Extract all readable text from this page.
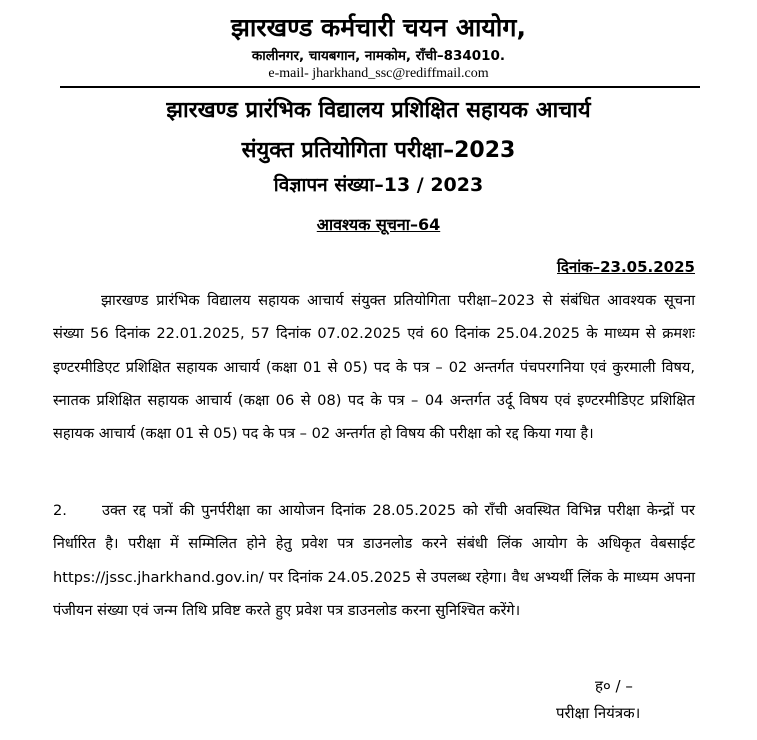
झारखण्ड कर्मचारी चयन आयोग,
कालीनगर, चायबगान, नामकोम, राँची–834010.
e-mail- jharkhand_ssc@rediffmail.com
झारखण्ड प्रारंभिक विद्यालय प्रशिक्षित सहायक आचार्य
संयुक्त प्रतियोगिता परीक्षा–2023
विज्ञापन संख्या–13 / 2023
आवश्यक सूचना–64
दिनांक–23.05.2025
झारखण्ड प्रारंभिक विद्यालय सहायक आचार्य संयुक्त प्रतियोगिता परीक्षा–2023 से संबंधित आवश्यक सूचना संख्या 56 दिनांक 22.01.2025, 57 दिनांक 07.02.2025 एवं 60 दिनांक 25.04.2025 के माध्यम से क्रमशः इण्टरमीडिएट प्रशिक्षित सहायक आचार्य (कक्षा 01 से 05) पद के पत्र – 02 अन्तर्गत पंचपरगनिया एवं कुरमाली विषय, स्नातक प्रशिक्षित सहायक आचार्य (कक्षा 06 से 08) पद के पत्र – 04 अन्तर्गत उर्दू विषय एवं इण्टरमीडिएट प्रशिक्षित सहायक आचार्य (कक्षा 01 से 05) पद के पत्र – 02 अन्तर्गत हो विषय की परीक्षा को रद्द किया गया है।
2. उक्त रद्द पत्रों की पुनर्परीक्षा का आयोजन दिनांक 28.05.2025 को राँची अवस्थित विभिन्न परीक्षा केन्द्रों पर निर्धारित है। परीक्षा में सम्मिलित होने हेतु प्रवेश पत्र डाउनलोड करने संबंधी लिंक आयोग के अधिकृत वेबसाईट https://jssc.jharkhand.gov.in/ पर दिनांक 24.05.2025 से उपलब्ध रहेगा। वैध अभ्यर्थी लिंक के माध्यम अपना पंजीयन संख्या एवं जन्म तिथि प्रविष्ट करते हुए प्रवेश पत्र डाउनलोड करना सुनिश्चित करेंगे।
ह० / –
परीक्षा नियंत्रक।
